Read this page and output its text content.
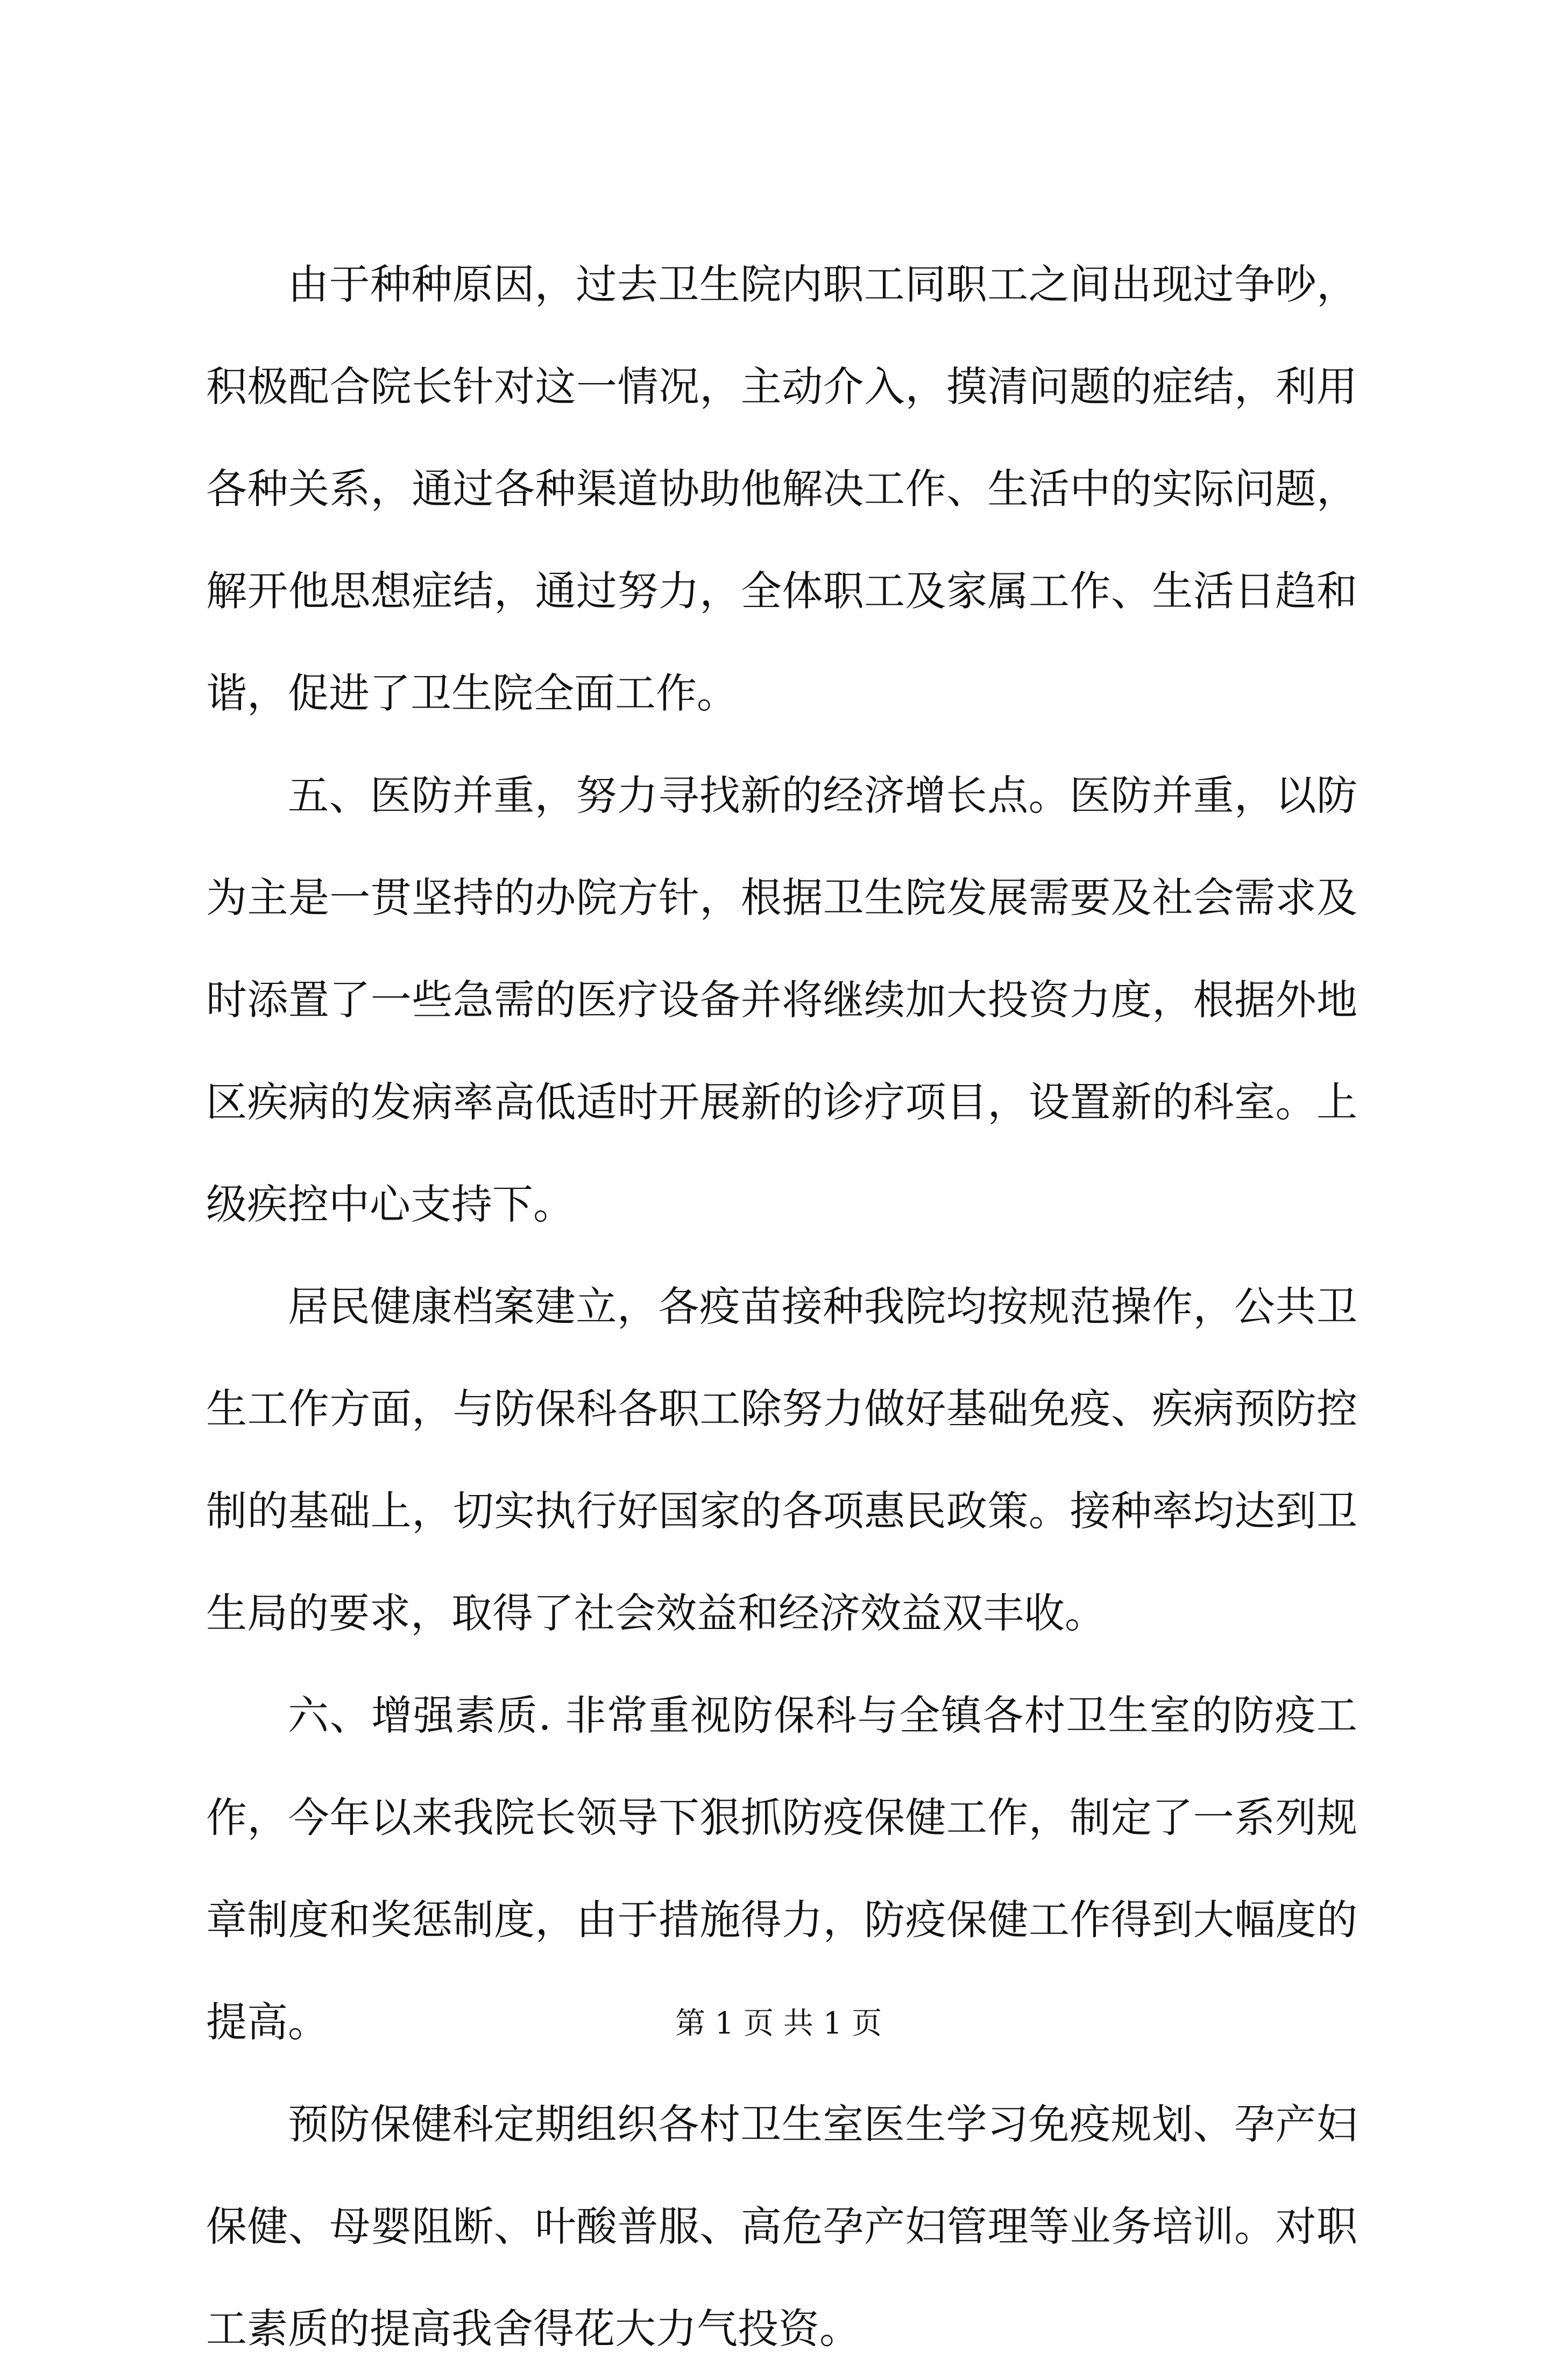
由于种种原因，过去卫生院内职工同职工之间出现过争吵，
积极配合院长针对这一情况，主动介入，摸清问题的症结，利用
各种关系，通过各种渠道协助他解决工作、生活中的实际问题，
解开他思想症结，通过努力，全体职工及家属工作、生活日趋和
谐，促进了卫生院全面工作。
五、医防并重，努力寻找新的经济增长点。医防并重，以防
为主是一贯坚持的办院方针，根据卫生院发展需要及社会需求及
时添置了一些急需的医疗设备并将继续加大投资力度，根据外地
区疾病的发病率高低适时开展新的诊疗项目，设置新的科室。上
级疾控中心支持下。
居民健康档案建立，各疫苗接种我院均按规范操作，公共卫
生工作方面，与防保科各职工除努力做好基础免疫、疾病预防控
制的基础上，切实执行好国家的各项惠民政策。接种率均达到卫
生局的要求，取得了社会效益和经济效益双丰收。
六、增强素质. 非常重视防保科与全镇各村卫生室的防疫工
作，今年以来我院长领导下狠抓防疫保健工作，制定了一系列规
章制度和奖惩制度，由于措施得力，防疫保健工作得到大幅度的
提高。
预防保健科定期组织各村卫生室医生学习免疫规划、孕产妇
保健、母婴阻断、叶酸普服、高危孕产妇管理等业务培训。对职
工素质的提高我舍得花大力气投资。
第 1 页 共 1 页
